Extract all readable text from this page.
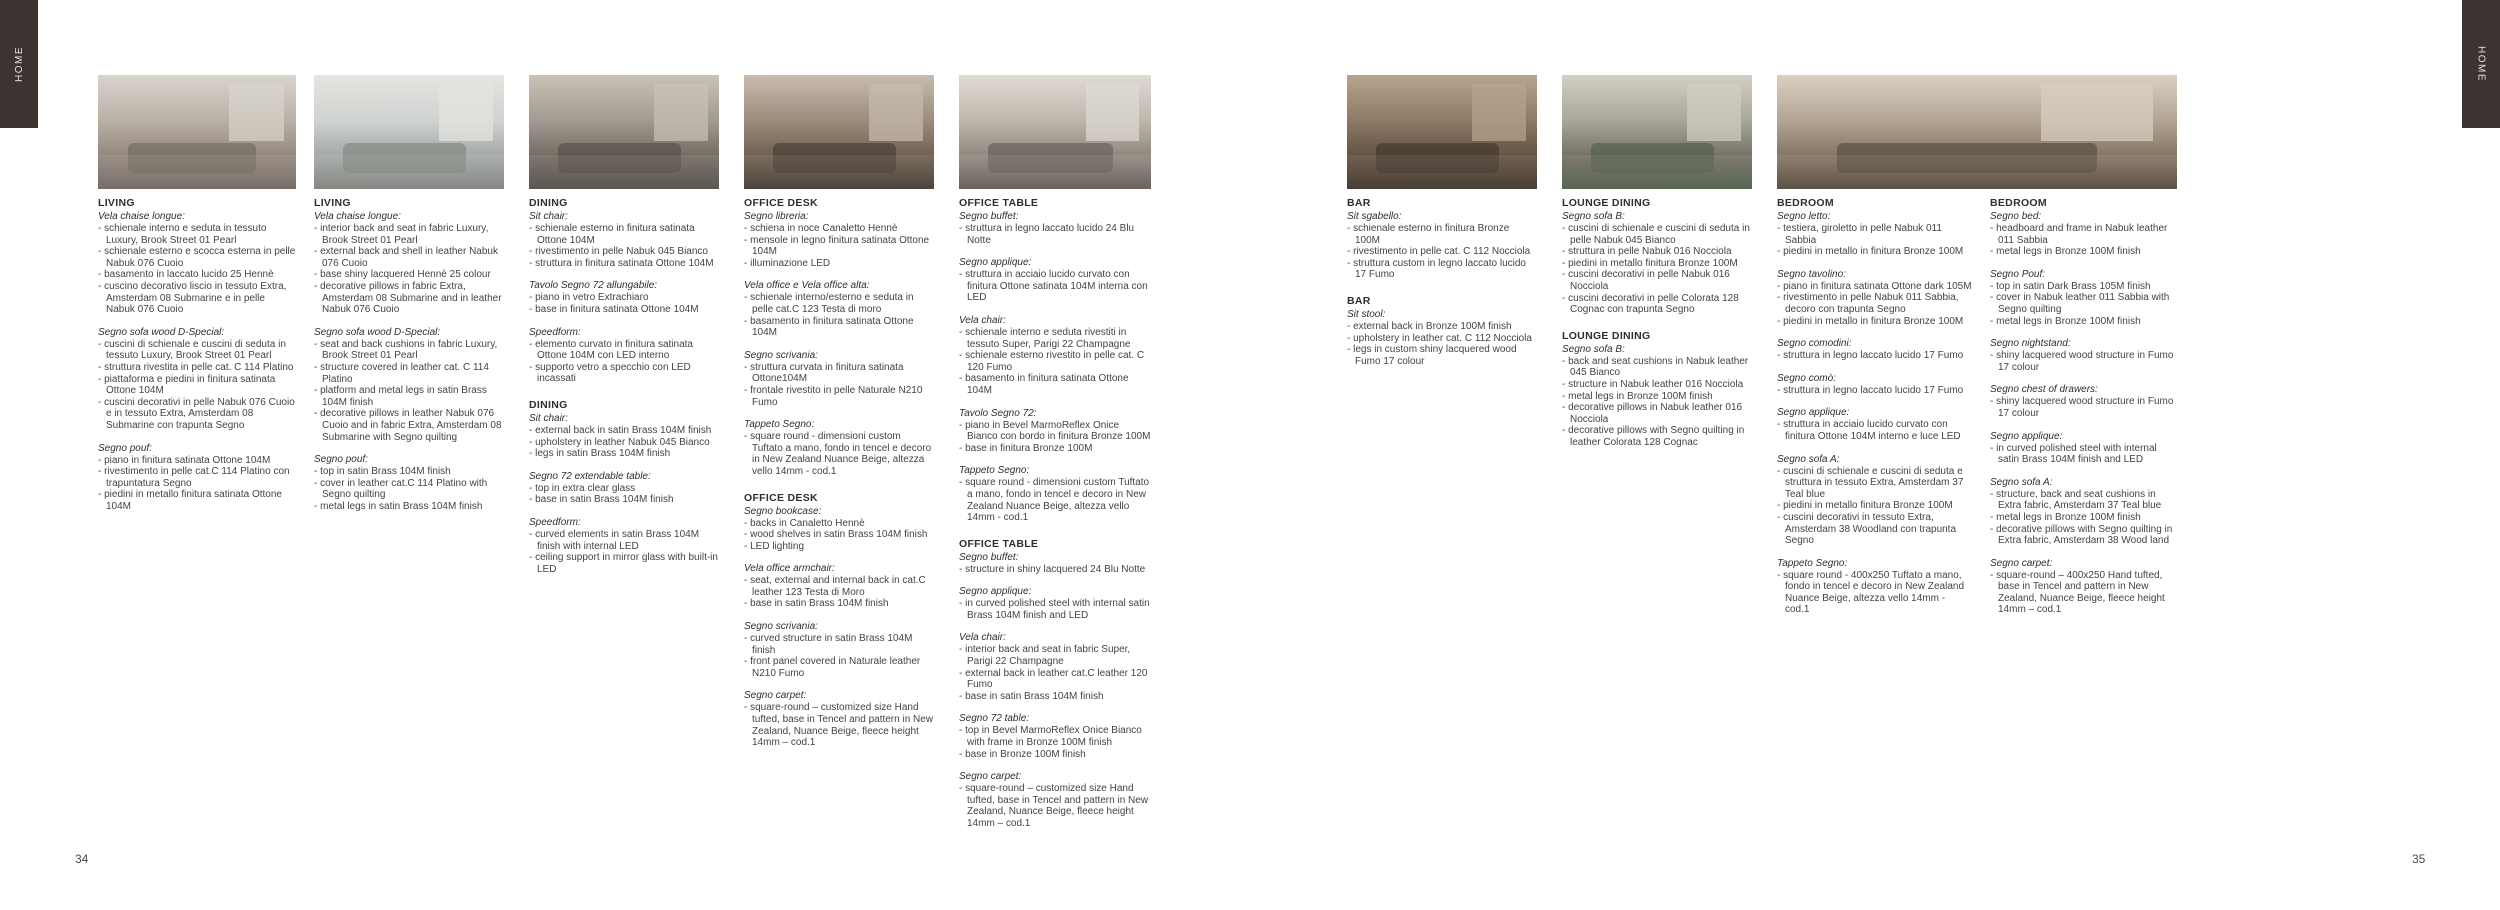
HOME	HOME
34	35
LIVING
Vela chaise longue:
- schienale interno e seduta in tessuto Luxury, Brook Street 01 Pearl
- schienale esterno e scocca esterna in pelle Nabuk 076 Cuoio
- basamento in laccato lucido 25 Hennè
- cuscino decorativo liscio in tessuto Extra, Amsterdam 08 Submarine e in pelle Nabuk 076 Cuoio
Segno sofa wood D-Special:
- cuscini di schienale e cuscini di seduta in tessuto Luxury, Brook Street 01 Pearl
- struttura rivestita in pelle cat. C 114 Platino
- piattaforma e piedini in finitura satinata Ottone 104M
- cuscini decorativi in pelle Nabuk 076 Cuoio e in tessuto Extra, Amsterdam 08 Submarine con trapunta Segno
Segno pouf:
- piano in finitura satinata Ottone 104M
- rivestimento in pelle cat.C 114 Platino con trapuntatura Segno
- piedini in metallo finitura satinata Ottone 104M
LIVING
Vela chaise longue:
- interior back and seat in fabric Luxury, Brook Street 01 Pearl
- external back and shell in leather Nabuk 076 Cuoio
- base shiny lacquered Hennè 25 colour
- decorative pillows in fabric Extra, Amsterdam 08 Submarine and in leather Nabuk 076 Cuoio
Segno sofa wood D-Special:
- seat and back cushions in fabric Luxury, Brook Street 01 Pearl
- structure covered in leather cat. C 114 Platino
- platform and metal legs in satin Brass 104M finish
- decorative pillows in leather Nabuk 076 Cuoio and in fabric Extra, Amsterdam 08 Submarine with Segno quilting
Segno pouf:
- top in satin Brass 104M finish
- cover in leather cat.C 114 Platino with Segno quilting
- metal legs in satin Brass 104M finish
DINING
Sit chair:
- schienale esterno in finitura satinata Ottone 104M
- rivestimento in pelle Nabuk 045 Bianco
- struttura in finitura satinata Ottone 104M
Tavolo Segno 72 allungabile:
- piano in vetro Extrachiaro
- base in finitura satinata Ottone 104M
Speedform:
- elemento curvato in finitura satinata Ottone 104M con LED interno
- supporto vetro a specchio con LED incassati
DINING
Sit chair:
- external back in satin Brass 104M finish
- upholstery in leather Nabuk 045 Bianco
- legs in satin Brass 104M finish
Segno 72 extendable table:
- top in extra clear glass
- base in satin Brass 104M finish
Speedform:
- curved elements in satin Brass 104M finish with internal LED
- ceiling support in mirror glass with built-in LED
OFFICE DESK
Segno libreria:
- schiena in noce Canaletto Hennè
- mensole in legno finitura satinata Ottone 104M
- illuminazione LED
Vela office e Vela office alta:
- schienale interno/esterno e seduta in pelle cat.C 123 Testa di moro
- basamento in finitura satinata Ottone 104M
Segno scrivania:
- struttura curvata in finitura satinata Ottone104M
- frontale rivestito in pelle Naturale N210 Fumo
Tappeto Segno:
- square round - dimensioni custom Tuftato a mano, fondo in tencel e decoro in New Zealand Nuance Beige, altezza vello 14mm - cod.1
OFFICE DESK
Segno bookcase:
- backs in Canaletto Hennè
- wood shelves in satin Brass 104M finish
- LED lighting
Vela office armchair:
- seat, external and internal back in cat.C leather 123 Testa di Moro
- base in satin Brass 104M finish
Segno scrivania:
- curved structure in satin Brass 104M finish
- front panel covered in Naturale leather N210 Fumo
Segno carpet:
- square-round – customized size Hand tufted, base in Tencel and pattern in New Zealand, Nuance Beige, fleece height 14mm – cod.1
OFFICE TABLE
Segno buffet:
- struttura in legno laccato lucido 24 Blu Notte
Segno applique:
- struttura in acciaio lucido curvato con finitura Ottone satinata 104M interna con LED
Vela chair:
- schienale interno e seduta rivestiti in tessuto Super, Parigi 22 Champagne
- schienale esterno rivestito in pelle cat. C 120 Fumo
- basamento in finitura satinata Ottone 104M
Tavolo Segno 72:
- piano in Bevel MarmoReflex Onice Bianco con bordo in finitura Bronze 100M
- base in finitura Bronze 100M
Tappeto Segno:
- square round - dimensioni custom Tuftato a mano, fondo in tencel e decoro in New Zealand Nuance Beige, altezza vello 14mm - cod.1
OFFICE TABLE
Segno buffet:
- structure in shiny lacquered 24 Blu Notte
Segno applique:
- in curved polished steel with internal satin Brass 104M finish and LED
Vela chair:
- interior back and seat in fabric Super, Parigi 22 Champagne
- external back in leather cat.C leather 120 Fumo
- base in satin Brass 104M finish
Segno 72 table:
- top in Bevel MarmoReflex Onice Bianco with frame in Bronze 100M finish
- base in Bronze 100M finish
Segno carpet:
- square-round – customized size Hand tufted, base in Tencel and pattern in New Zealand, Nuance Beige, fleece height 14mm – cod.1
BAR
Sit sgabello:
- schienale esterno in finitura Bronze 100M
- rivestimento in pelle cat. C 112 Nocciola
- struttura custom in legno laccato lucido 17 Fumo
BAR
Sit stool:
- external back in Bronze 100M finish
- upholstery in leather cat. C 112 Nocciola
- legs in custom shiny lacquered wood Fumo 17 colour
LOUNGE DINING
Segno sofa B:
- cuscini di schienale e cuscini di seduta in pelle Nabuk 045 Bianco
- struttura in pelle Nabuk 016 Nocciola
- piedini in metallo finitura Bronze 100M
- cuscini decorativi in pelle Nabuk 016 Nocciola
- cuscini decorativi in pelle Colorata 128 Cognac con trapunta Segno
LOUNGE DINING
Segno sofa B:
- back and seat cushions in Nabuk leather 045 Bianco
- structure in Nabuk leather 016 Nocciola
- metal legs in Bronze 100M finish
- decorative pillows in Nabuk leather 016 Nocciola
- decorative pillows with Segno quilting in leather Colorata 128 Cognac
BEDROOM
Segno letto:
- testiera, giroletto in pelle Nabuk 011 Sabbia
- piedini in metallo in finitura Bronze 100M
Segno tavolino:
- piano in finitura satinata Ottone dark 105M
- rivestimento in pelle Nabuk 011 Sabbia, decoro con trapunta Segno
- piedini in metallo in finitura Bronze 100M
Segno comodini:
- struttura in legno laccato lucido 17 Fumo
Segno comò:
- struttura in legno laccato lucido 17 Fumo
Segno applique:
- struttura in acciaio lucido curvato con finitura Ottone 104M interno e luce LED
Segno sofa A:
- cuscini di schienale e cuscini di seduta e struttura in tessuto Extra, Amsterdam 37 Teal blue
- piedini in metallo finitura Bronze 100M
- cuscini decorativi in tessuto Extra, Amsterdam 38 Woodland con trapunta Segno
Tappeto Segno:
- square round - 400x250 Tuftato a mano, fondo in tencel e decoro in New Zealand Nuance Beige, altezza vello 14mm - cod.1
BEDROOM
Segno bed:
- headboard and frame in Nabuk leather 011 Sabbia
- metal legs in Bronze 100M finish
Segno Pouf:
- top in satin Dark Brass 105M finish
- cover in Nabuk leather 011 Sabbia with Segno quilting
- metal legs in Bronze 100M finish
Segno nightstand:
- shiny lacquered wood structure in Fumo 17 colour
Segno chest of drawers:
- shiny lacquered wood structure in Fumo 17 colour
Segno applique:
- in curved polished steel with internal satin Brass 104M finish and LED
Segno sofa A:
- structure, back and seat cushions in Extra fabric, Amsterdam 37 Teal blue
- metal legs in Bronze 100M finish
- decorative pillows with Segno quilting in Extra fabric, Amsterdam 38 Wood land
Segno carpet:
- square-round – 400x250 Hand tufted, base in Tencel and pattern in New Zealand, Nuance Beige, fleece height 14mm – cod.1
